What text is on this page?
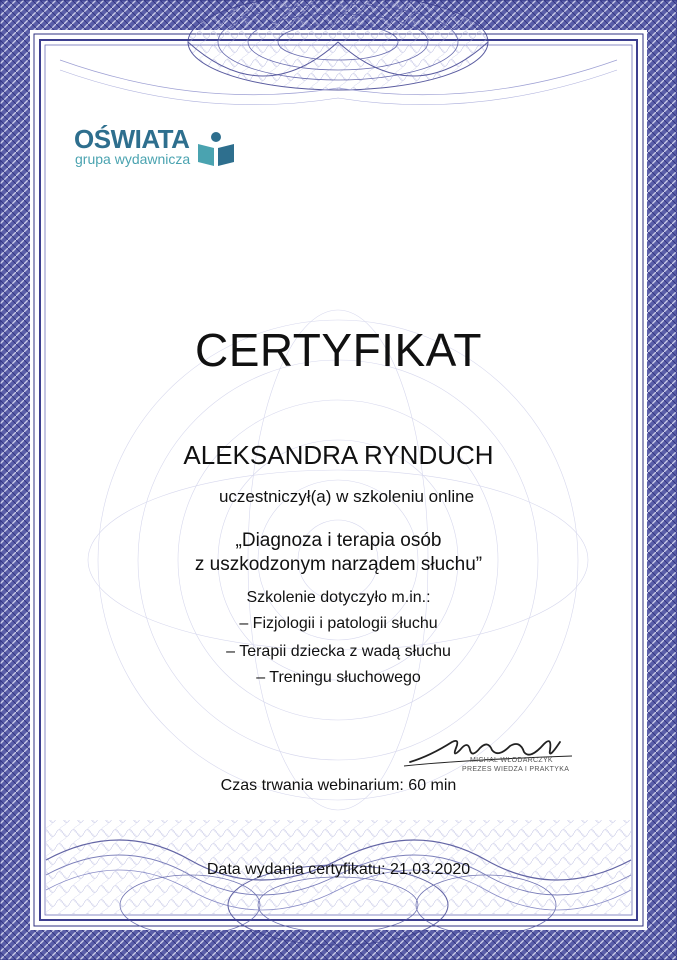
OŚWIATA
grupa wydawnicza
CERTYFIKAT
ALEKSANDRA RYNDUCH
uczestniczył(a) w szkoleniu online
„Diagnoza i terapia osób
z uszkodzonym narządem słuchu”
Szkolenie dotyczyło m.in.:
– Fizjologii i patologii słuchu
– Terapii dziecka z wadą słuchu
– Treningu słuchowego
MICHAŁ WŁODARCZYK
PREZES WIEDZA I PRAKTYKA
Czas trwania webinarium: 60 min
Data wydania certyfikatu: 21.03.2020
